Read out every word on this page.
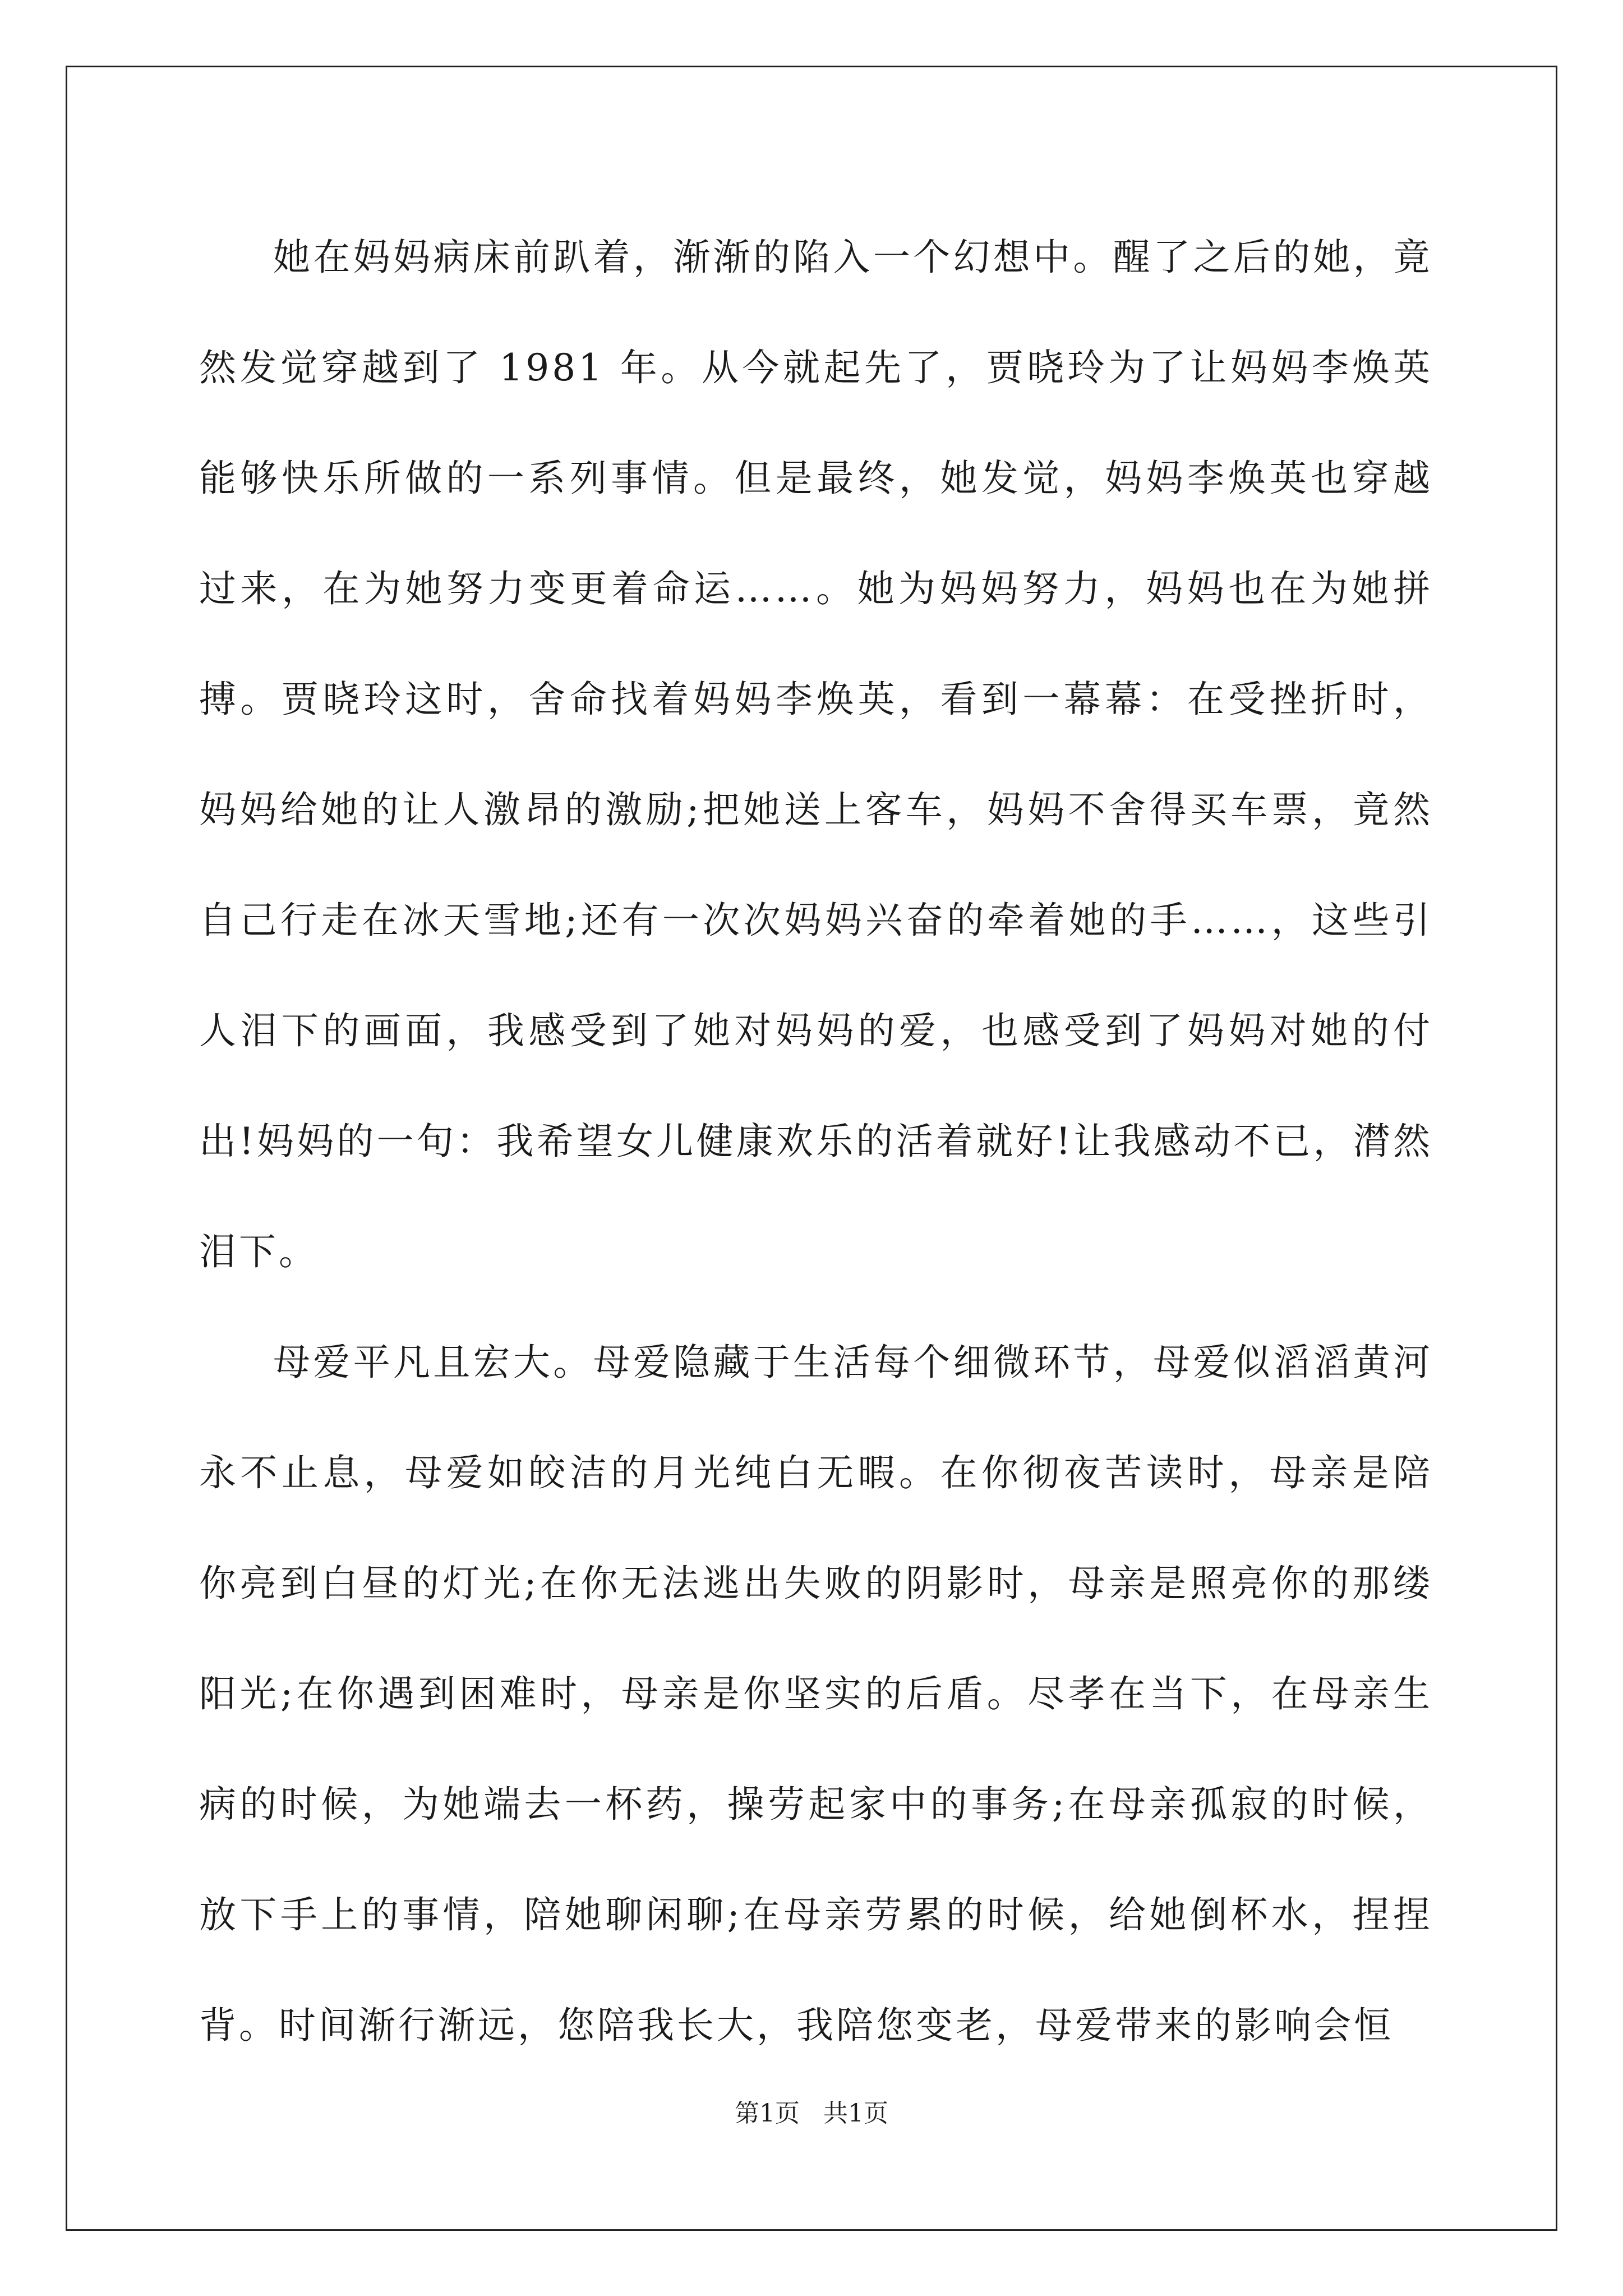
她在妈妈病床前趴着，渐渐的陷入一个幻想中。醒了之后的她，竟然发觉穿越到了 1981 年。从今就起先了，贾晓玲为了让妈妈李焕英能够快乐所做的一系列事情。但是最终，她发觉，妈妈李焕英也穿越过来，在为她努力变更着命运……。她为妈妈努力，妈妈也在为她拼搏。贾晓玲这时，舍命找着妈妈李焕英，看到一幕幕：在受挫折时，妈妈给她的让人激昂的激励;把她送上客车，妈妈不舍得买车票，竟然自己行走在冰天雪地;还有一次次妈妈兴奋的牵着她的手……，这些引人泪下的画面，我感受到了她对妈妈的爱，也感受到了妈妈对她的付出!妈妈的一句：我希望女儿健康欢乐的活着就好!让我感动不已，潸然泪下。

母爱平凡且宏大。母爱隐藏于生活每个细微环节，母爱似滔滔黄河永不止息，母爱如皎洁的月光纯白无暇。在你彻夜苦读时，母亲是陪你亮到白昼的灯光;在你无法逃出失败的阴影时，母亲是照亮你的那缕阳光;在你遇到困难时，母亲是你坚实的后盾。尽孝在当下，在母亲生病的时候，为她端去一杯药，操劳起家中的事务;在母亲孤寂的时候，放下手上的事情，陪她聊闲聊;在母亲劳累的时候，给她倒杯水，捏捏背。时间渐行渐远，您陪我长大，我陪您变老，母爱带来的影响会恒

第1页   共1页
